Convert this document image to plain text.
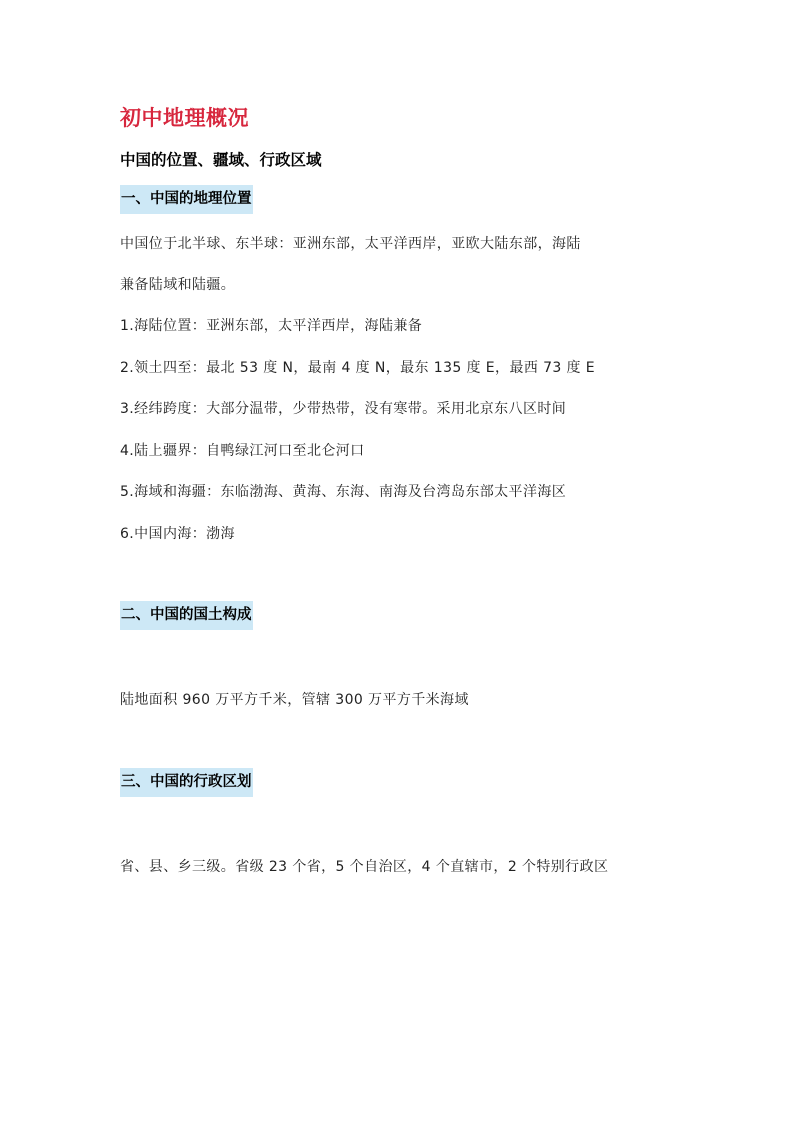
初中地理概况
中国的位置、疆域、行政区域
一、中国的地理位置
中国位于北半球、东半球：亚洲东部，太平洋西岸，亚欧大陆东部，海陆
兼备陆域和陆疆。
1.海陆位置：亚洲东部，太平洋西岸，海陆兼备
2.领土四至：最北 53 度 N，最南 4 度 N，最东 135 度 E，最西 73 度 E
3.经纬跨度：大部分温带，少带热带，没有寒带。采用北京东八区时间
4.陆上疆界：自鸭绿江河口至北仑河口
5.海域和海疆：东临渤海、黄海、东海、南海及台湾岛东部太平洋海区
6.中国内海：渤海
二、中国的国土构成
陆地面积 960 万平方千米，管辖 300 万平方千米海域
三、中国的行政区划
省、县、乡三级。省级 23 个省，5 个自治区，4 个直辖市，2 个特别行政区
